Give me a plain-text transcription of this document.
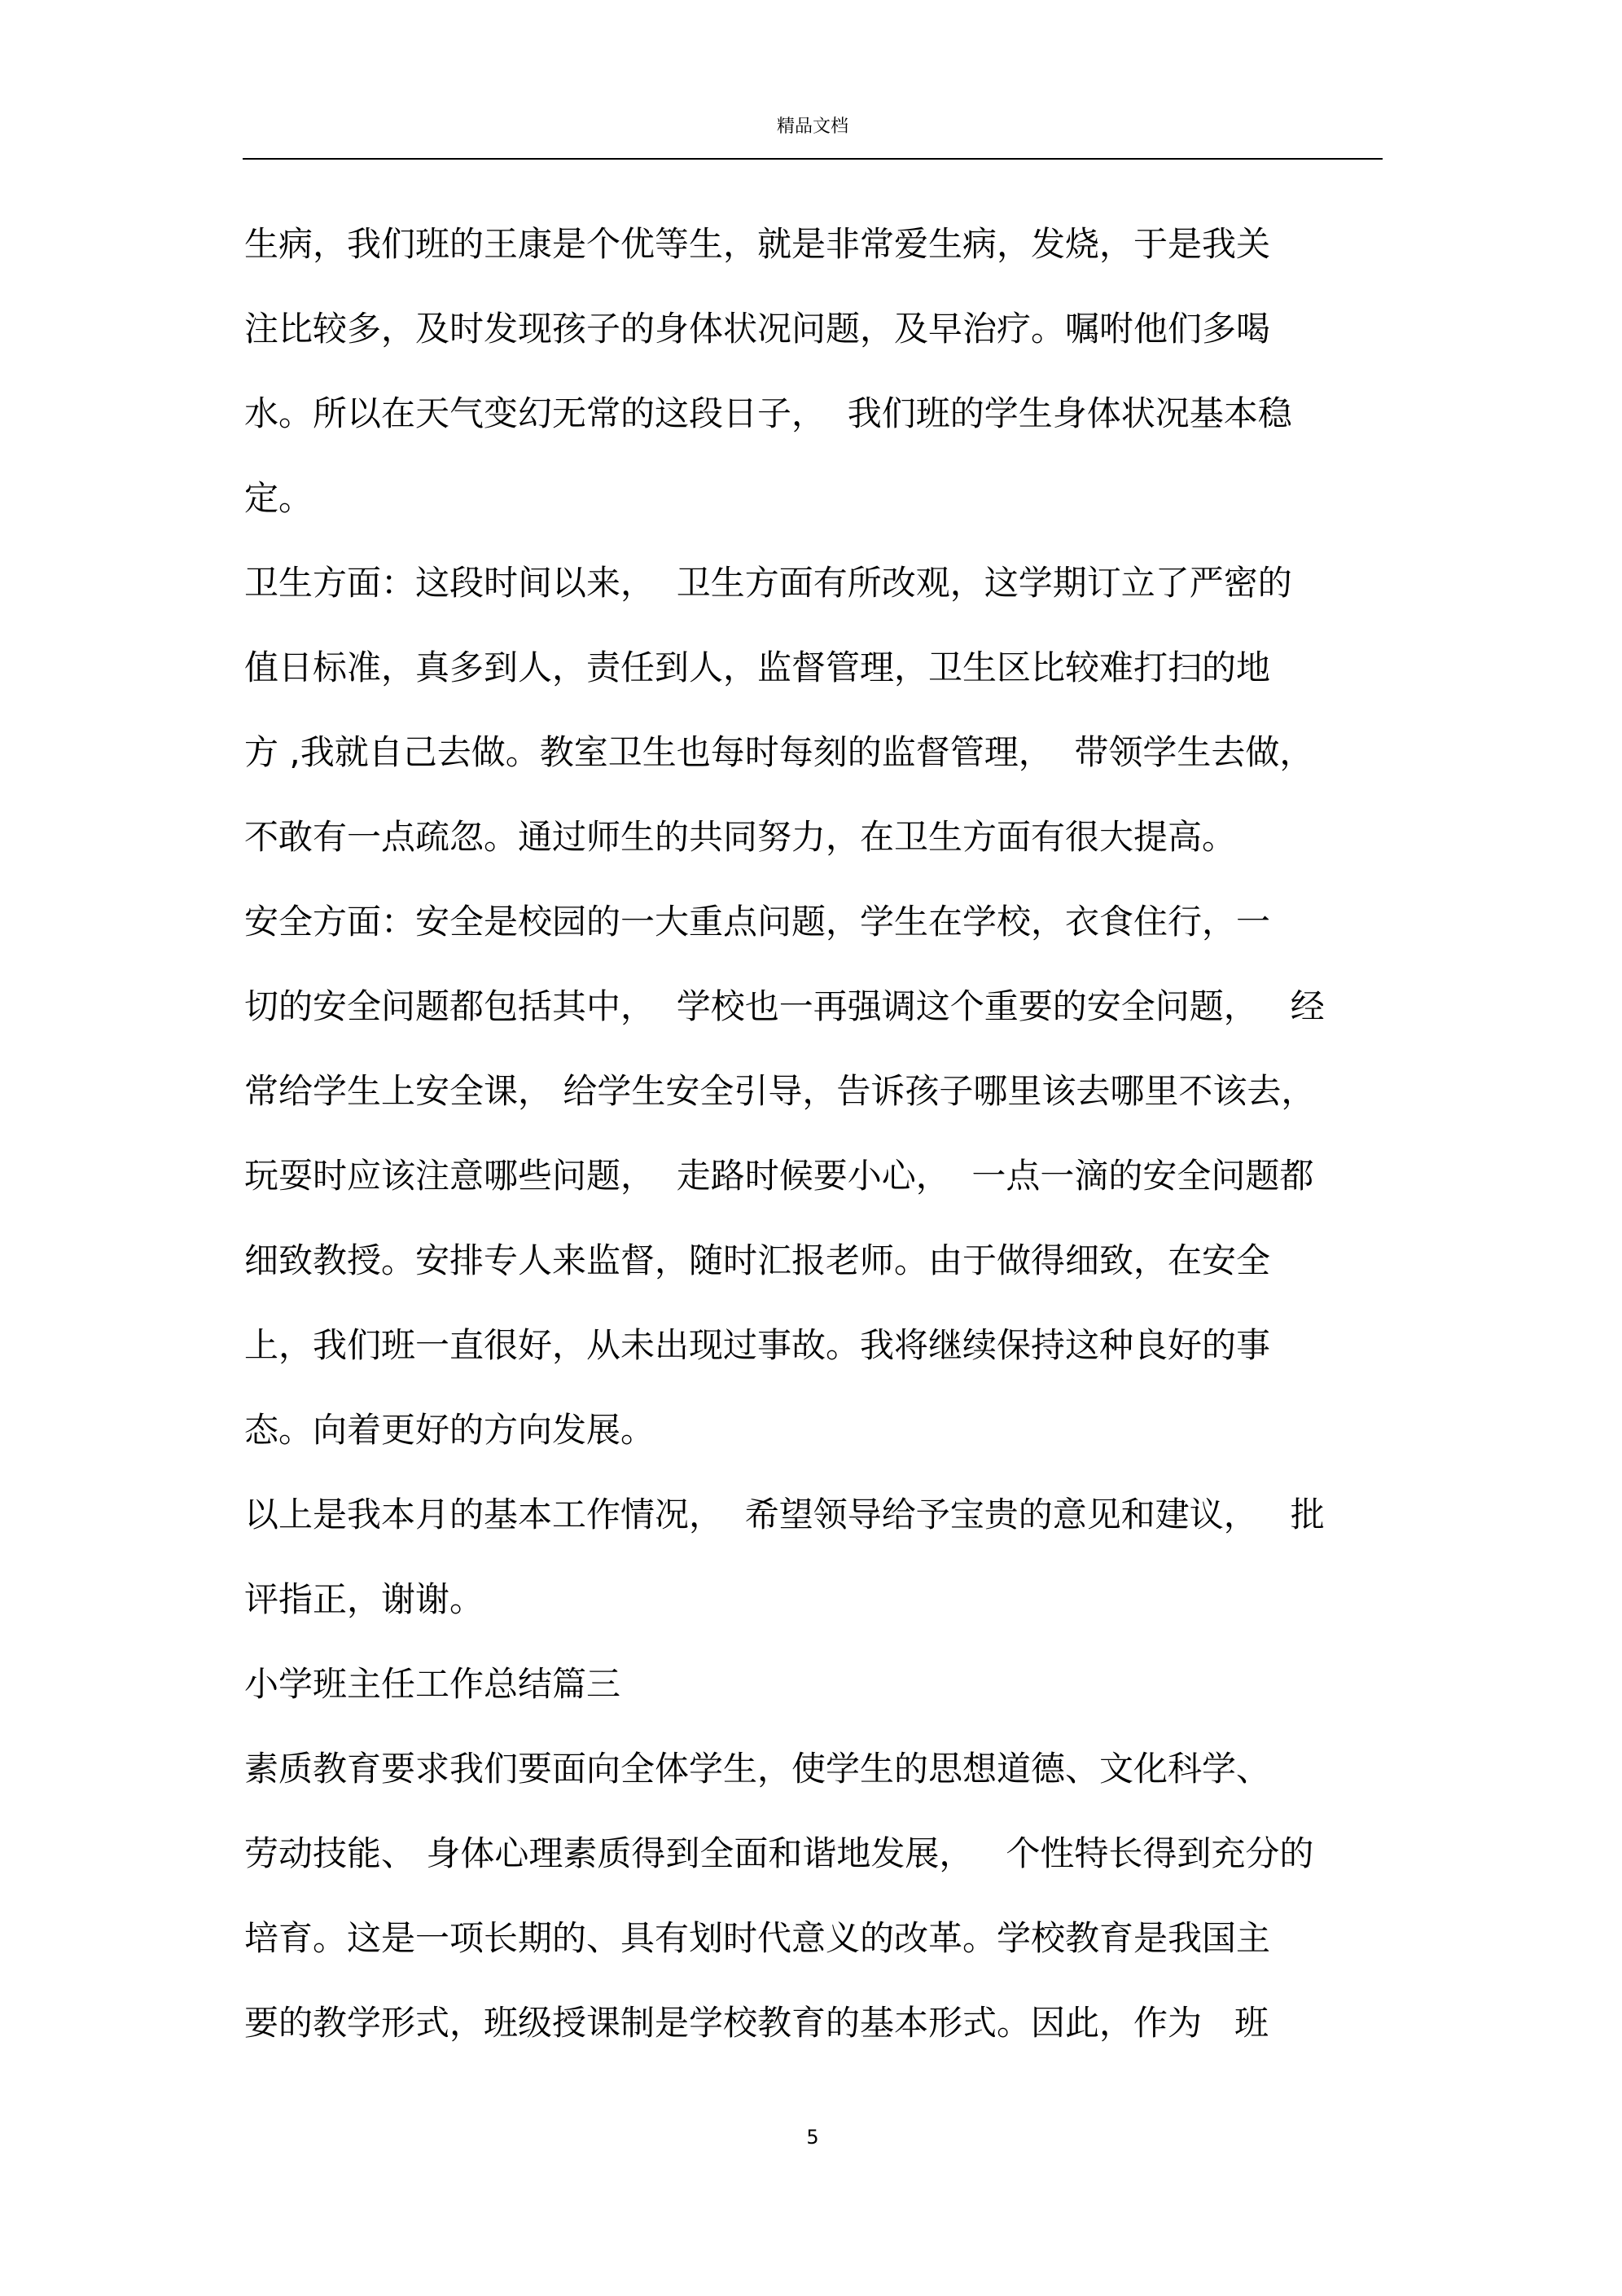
精品文档
生病，我们班的王康是个优等生，就是非常爱生病，发烧，于是我关
注比较多，及时发现孩子的身体状况问题，及早治疗。嘱咐他们多喝
水。所以在天气变幻无常的这段日子，  我们班的学生身体状况基本稳
定。
卫生方面：这段时间以来，  卫生方面有所改观，这学期订立了严密的
值日标准，真多到人，责任到人，监督管理，卫生区比较难打扫的地
方 ,我就自己去做。教室卫生也每时每刻的监督管理，  带领学生去做，
不敢有一点疏忽。通过师生的共同努力，在卫生方面有很大提高。
安全方面：安全是校园的一大重点问题，学生在学校，衣食住行，一
切的安全问题都包括其中，  学校也一再强调这个重要的安全问题，   经
常给学生上安全课， 给学生安全引导，告诉孩子哪里该去哪里不该去，
玩耍时应该注意哪些问题，  走路时候要小心，  一点一滴的安全问题都
细致教授。安排专人来监督，随时汇报老师。由于做得细致，在安全
上，我们班一直很好，从未出现过事故。我将继续保持这种良好的事
态。向着更好的方向发展。
以上是我本月的基本工作情况，  希望领导给予宝贵的意见和建议，   批
评指正，谢谢。
小学班主任工作总结篇三
素质教育要求我们要面向全体学生，使学生的思想道德、文化科学、
劳动技能、 身体心理素质得到全面和谐地发展，   个性特长得到充分的
培育。这是一项长期的、具有划时代意义的改革。学校教育是我国主
要的教学形式，班级授课制是学校教育的基本形式。因此，作为   班
5
